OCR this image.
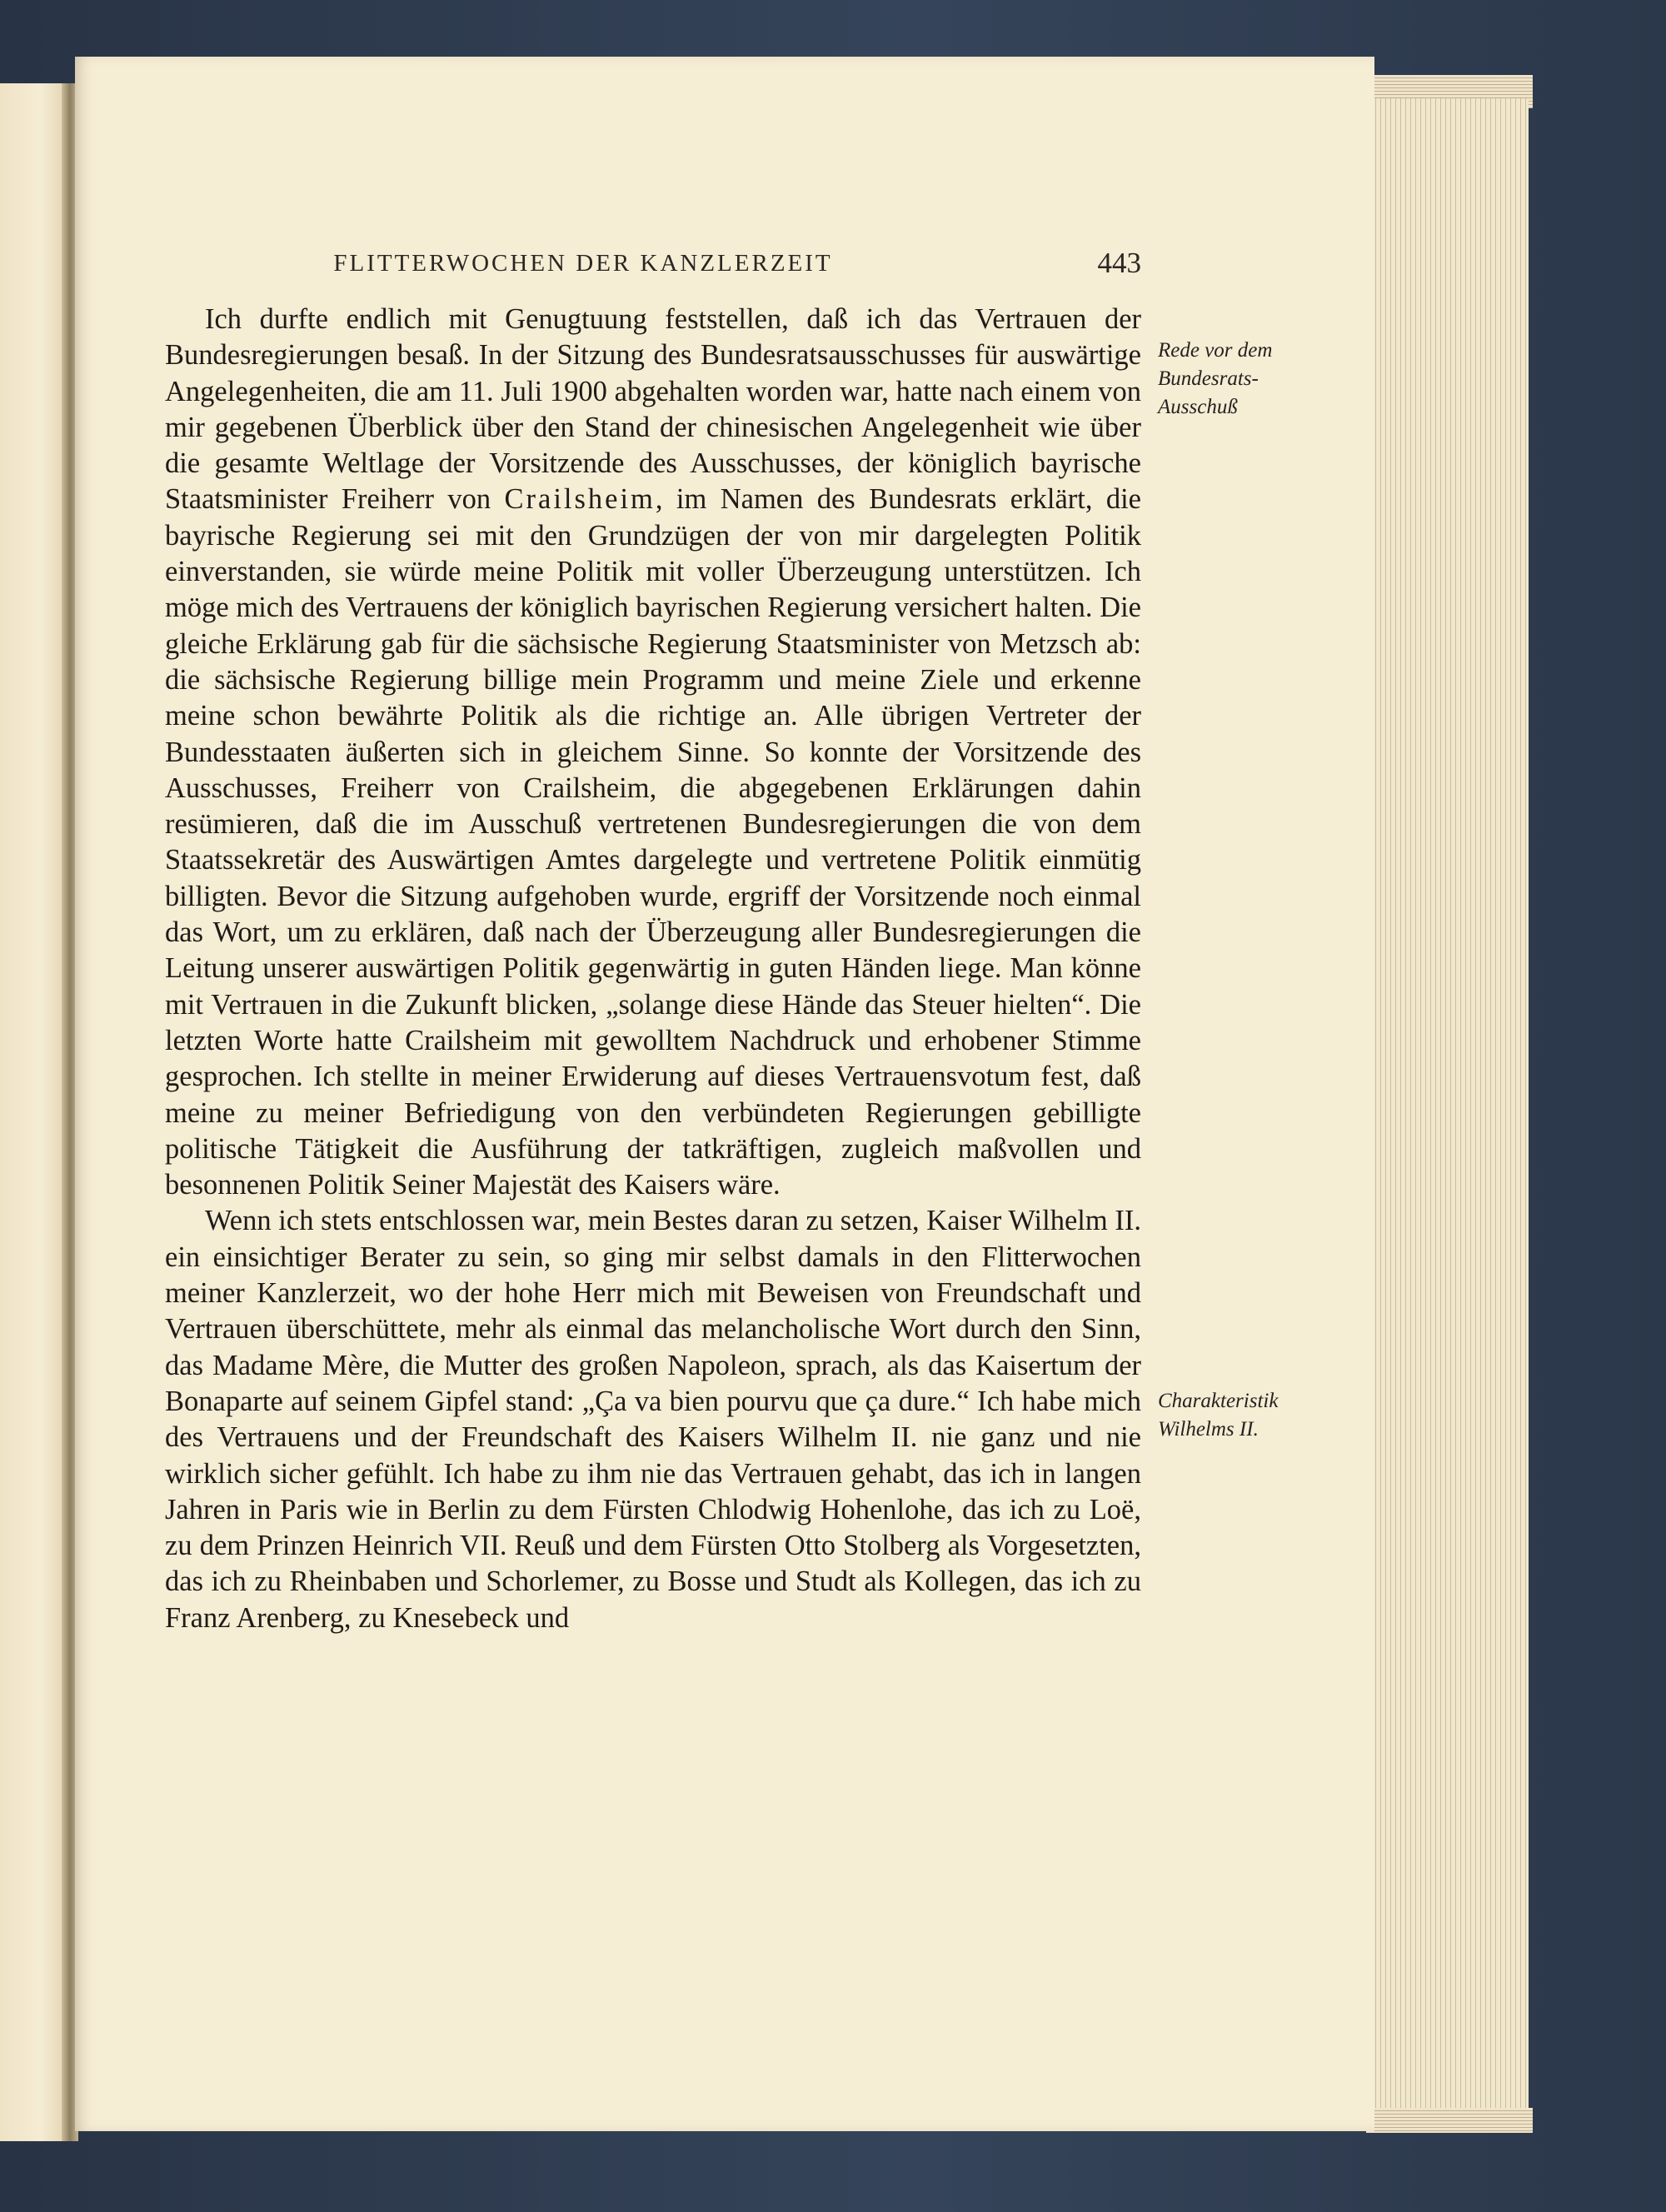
FLITTERWOCHEN DER KANZLERZEIT	443

Ich durfte endlich mit Genugtuung feststellen, daß ich das Vertrauen der Bundesregierungen besaß. In der Sitzung des Bundesratsausschusses für auswärtige Angelegenheiten, die am 11. Juli 1900 abgehalten worden war, hatte nach einem von mir gegebenen Überblick über den Stand der chinesischen Angelegenheit wie über die gesamte Weltlage der Vorsitzende des Ausschusses, der königlich bayrische Staatsminister Freiherr von Crailsheim, im Namen des Bundesrats erklärt, die bayrische Regierung sei mit den Grundzügen der von mir dargelegten Politik einverstanden, sie würde meine Politik mit voller Überzeugung unterstützen. Ich möge mich des Vertrauens der königlich bayrischen Regierung versichert halten. Die gleiche Erklärung gab für die sächsische Regierung Staatsminister von Metzsch ab: die sächsische Regierung billige mein Programm und meine Ziele und erkenne meine schon bewährte Politik als die richtige an. Alle übrigen Vertreter der Bundesstaaten äußerten sich in gleichem Sinne. So konnte der Vorsitzende des Ausschusses, Freiherr von Crailsheim, die abgegebenen Erklärungen dahin resümieren, daß die im Ausschuß vertretenen Bundesregierungen die von dem Staatssekretär des Auswärtigen Amtes dargelegte und vertretene Politik einmütig billigten. Bevor die Sitzung aufgehoben wurde, ergriff der Vorsitzende noch einmal das Wort, um zu erklären, daß nach der Überzeugung aller Bundesregierungen die Leitung unserer auswärtigen Politik gegenwärtig in guten Händen liege. Man könne mit Vertrauen in die Zukunft blicken, „solange diese Hände das Steuer hielten“. Die letzten Worte hatte Crailsheim mit gewolltem Nachdruck und erhobener Stimme gesprochen. Ich stellte in meiner Erwiderung auf dieses Vertrauensvotum fest, daß meine zu meiner Befriedigung von den verbündeten Regierungen gebilligte politische Tätigkeit die Ausführung der tatkräftigen, zugleich maßvollen und besonnenen Politik Seiner Majestät des Kaisers wäre.

Wenn ich stets entschlossen war, mein Bestes daran zu setzen, Kaiser Wilhelm II. ein einsichtiger Berater zu sein, so ging mir selbst damals in den Flitterwochen meiner Kanzlerzeit, wo der hohe Herr mich mit Beweisen von Freundschaft und Vertrauen überschüttete, mehr als einmal das melancholische Wort durch den Sinn, das Madame Mère, die Mutter des großen Napoleon, sprach, als das Kaisertum der Bonaparte auf seinem Gipfel stand: „Ça va bien pourvu que ça dure.“ Ich habe mich des Vertrauens und der Freundschaft des Kaisers Wilhelm II. nie ganz und nie wirklich sicher gefühlt. Ich habe zu ihm nie das Vertrauen gehabt, das ich in langen Jahren in Paris wie in Berlin zu dem Fürsten Chlodwig Hohenlohe, das ich zu Loë, zu dem Prinzen Heinrich VII. Reuß und dem Fürsten Otto Stolberg als Vorgesetzten, das ich zu Rheinbaben und Schorlemer, zu Bosse und Studt als Kollegen, das ich zu Franz Arenberg, zu Knesebeck und

Rede vor dem
Bundesrats-
Ausschuß
Charakteristik
Wilhelms II.
